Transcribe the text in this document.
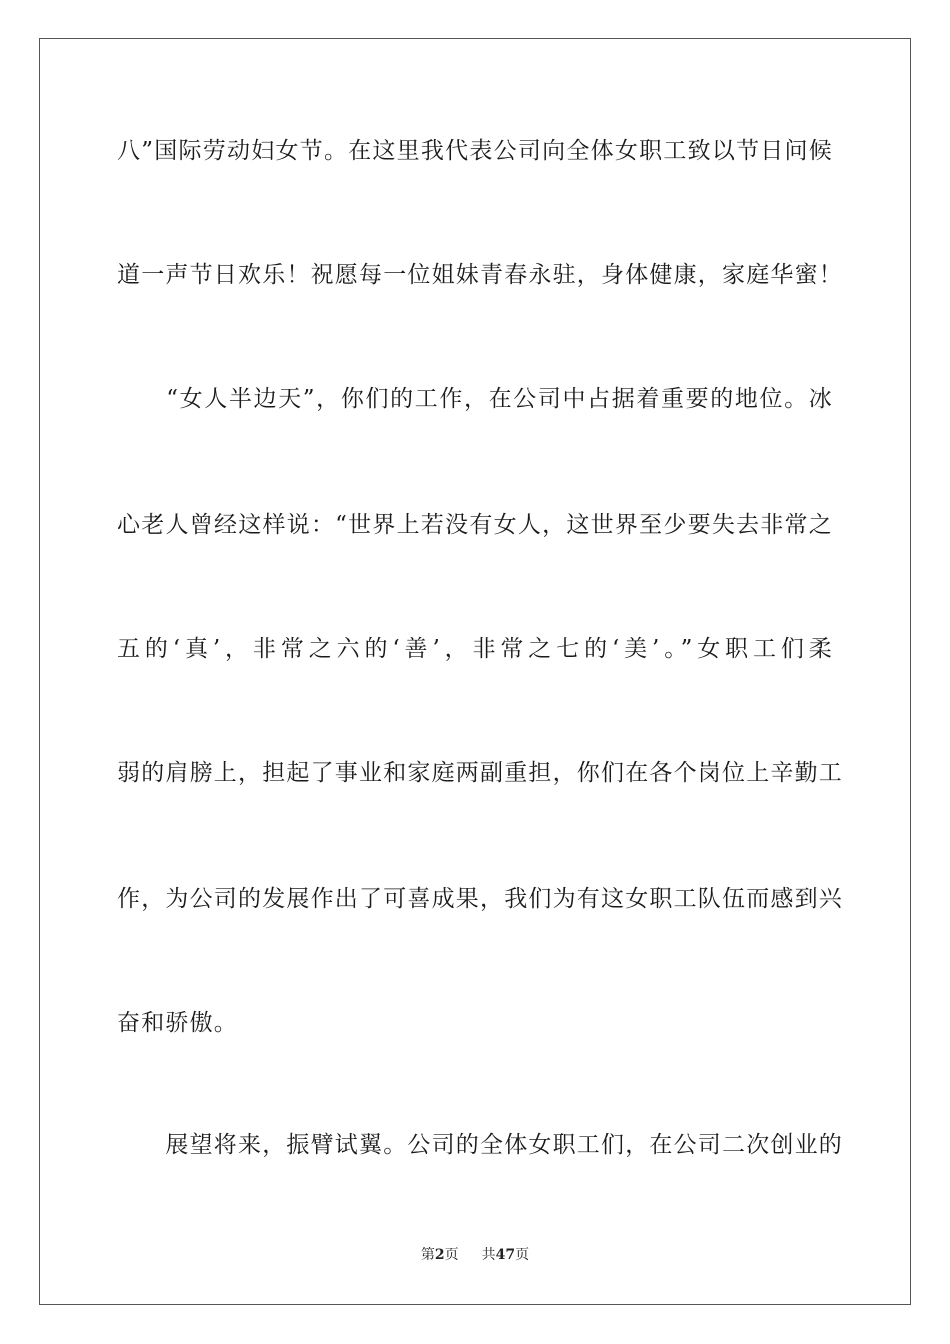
八”国际劳动妇女节。在这里我代表公司向全体女职工致以节日问候
道一声节日欢乐！祝愿每一位姐妹青春永驻，身体健康，家庭华蜜！
　　“女人半边天”，你们的工作，在公司中占据着重要的地位。冰
心老人曾经这样说：“世界上若没有女人，这世界至少要失去非常之
五的‘真’，非常之六的‘善’，非常之七的‘美’。”女职工们柔
弱的肩膀上，担起了事业和家庭两副重担，你们在各个岗位上辛勤工
作，为公司的发展作出了可喜成果，我们为有这女职工队伍而感到兴
奋和骄傲。
　　展望将来，振臂试翼。公司的全体女职工们，在公司二次创业的
第2页 共47页
